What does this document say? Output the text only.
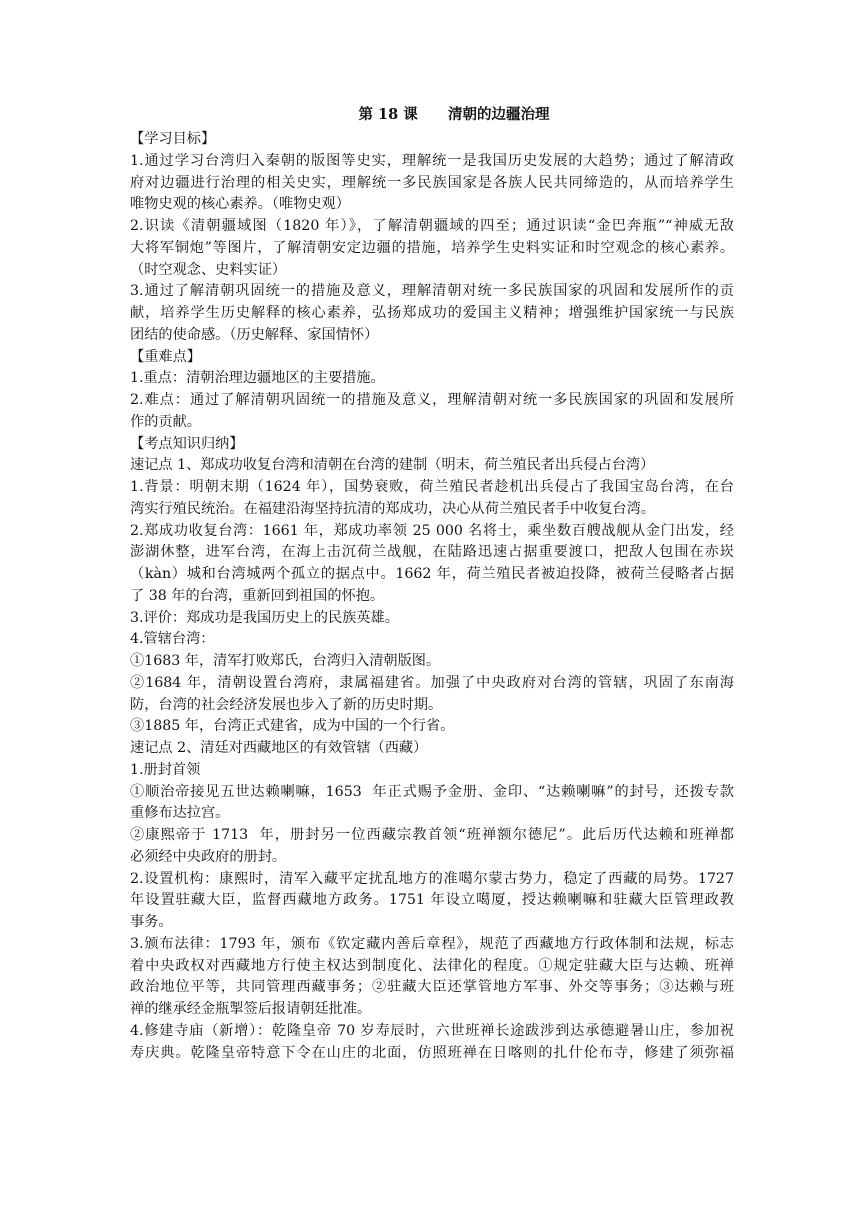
第 18 课      清朝的边疆治理
【学习目标】
1.通过学习台湾归入秦朝的版图等史实，理解统一是我国历史发展的大趋势；通过了解清政
府对边疆进行治理的相关史实，理解统一多民族国家是各族人民共同缔造的，从而培养学生
唯物史观的核心素养。（唯物史观）
2.识读《清朝疆域图（1820 年）》，了解清朝疆域的四至；通过识读“金巴奔瓶”“神威无敌
大将军铜炮”等图片，了解清朝安定边疆的措施，培养学生史料实证和时空观念的核心素养。
（时空观念、史料实证）
3.通过了解清朝巩固统一的措施及意义，理解清朝对统一多民族国家的巩固和发展所作的贡
献，培养学生历史解释的核心素养，弘扬郑成功的爱国主义精神；增强维护国家统一与民族
团结的使命感。（历史解释、家国情怀）
【重难点】
1.重点：清朝治理边疆地区的主要措施。
2.难点：通过了解清朝巩固统一的措施及意义，理解清朝对统一多民族国家的巩固和发展所
作的贡献。
【考点知识归纳】
速记点 1、郑成功收复台湾和清朝在台湾的建制（明末，荷兰殖民者出兵侵占台湾）
1.背景：明朝末期（1624 年），国势衰败，荷兰殖民者趁机出兵侵占了我国宝岛台湾，在台
湾实行殖民统治。在福建沿海坚持抗清的郑成功，决心从荷兰殖民者手中收复台湾。
2.郑成功收复台湾：1661 年，郑成功率领 25 000 名将士，乘坐数百艘战舰从金门出发，经
澎湖休整，进军台湾，在海上击沉荷兰战舰，在陆路迅速占据重要渡口，把敌人包围在赤崁
（kàn）城和台湾城两个孤立的据点中。1662 年，荷兰殖民者被迫投降，被荷兰侵略者占据
了 38 年的台湾，重新回到祖国的怀抱。
3.评价：郑成功是我国历史上的民族英雄。
4.管辖台湾：
①1683 年，清军打败郑氏，台湾归入清朝版图。
②1684 年，清朝设置台湾府，隶属福建省。加强了中央政府对台湾的管辖，巩固了东南海
防，台湾的社会经济发展也步入了新的历史时期。
③1885 年，台湾正式建省，成为中国的一个行省。
速记点 2、清廷对西藏地区的有效管辖（西藏）
1.册封首领
①顺治帝接见五世达赖喇嘛，1653  年正式赐予金册、金印、“达赖喇嘛”的封号，还拨专款
重修布达拉宫。
②康熙帝于 1713  年，册封另一位西藏宗教首领“班禅额尔德尼”。此后历代达赖和班禅都
必须经中央政府的册封。
2.设置机构：康熙时，清军入藏平定扰乱地方的准噶尔蒙古势力，稳定了西藏的局势。1727
年设置驻藏大臣，监督西藏地方政务。1751 年设立噶厦，授达赖喇嘛和驻藏大臣管理政教
事务。
3.颁布法律：1793 年，颁布《钦定藏内善后章程》，规范了西藏地方行政体制和法规，标志
着中央政权对西藏地方行使主权达到制度化、法律化的程度。①规定驻藏大臣与达赖、班禅
政治地位平等，共同管理西藏事务；②驻藏大臣还掌管地方军事、外交等事务；③达赖与班
禅的继承经金瓶掣签后报请朝廷批准。
4.修建寺庙（新增）：乾隆皇帝 70 岁寿辰时，六世班禅长途跋涉到达承德避暑山庄，参加祝
寿庆典。乾隆皇帝特意下令在山庄的北面，仿照班禅在日喀则的扎什伦布寺，修建了须弥福
